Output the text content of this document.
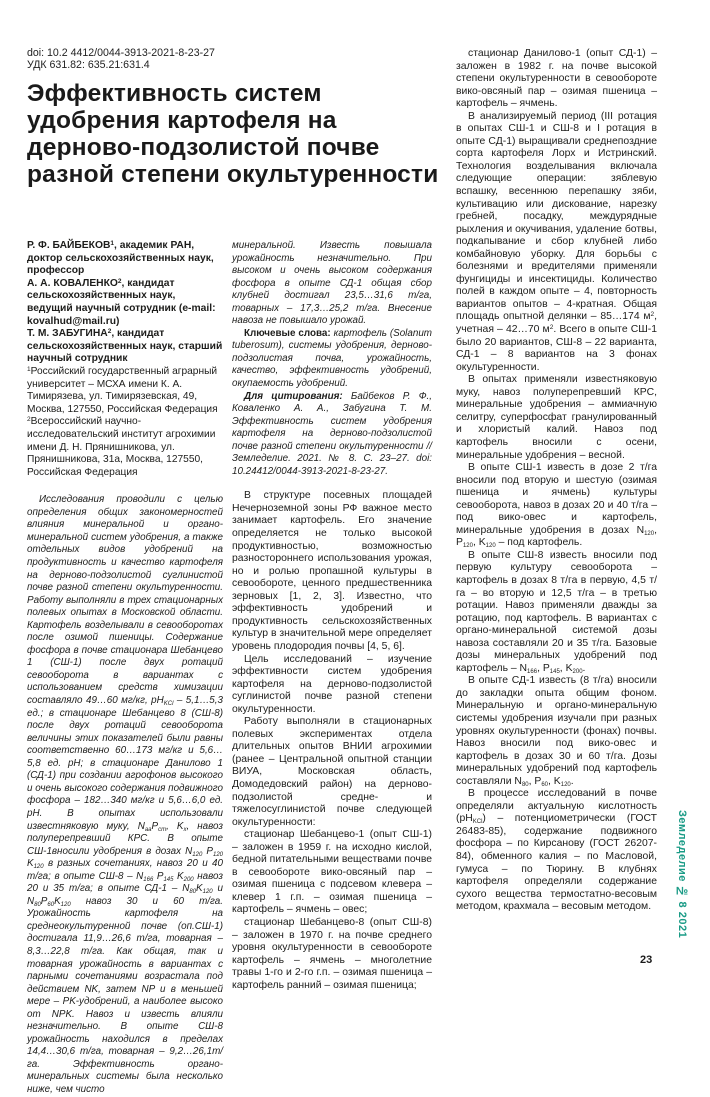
doi: 10.2 4412/0044-3913-2021-8-23-27
УДК 631.82: 635.21:631.4
Эффективность систем удобрения картофеля на дерново-подзолистой почве разной степени окультуренности

Р. Ф. БАЙБЕКОВ$^1$, академик РАН, доктор сельскохозяйственных наук, профессор

А. А. КОВАЛЕНКО$^2$, кандидат сельскохозяйственных наук, ведущий научный сотрудник (e-mail: kovalhud@mail.ru)

Т. М. ЗАБУГИНА$^2$, кандидат сельскохозяйственных наук, старший научный сотрудник

$^1$Российский государственный аграрный университет – МСХА имени К. А. Тимирязева, ул. Тимирязевская, 49, Москва, 127550, Российская Федерация

$^2$Всероссийский научно-исследовательский институт агрохимии имени Д. Н. Прянишникова, ул. Прянишникова, 31а, Москва, 127550, Российская Федерация

Исследования проводили с целью определения общих закономерностей влияния минеральной и органо-минеральной систем удобрения, а также отдельных видов удобрений на продуктивность и качество картофеля на дерново-подзолистой суглинистой почве разной степени окультуренности. Работу выполняли в трех стационарных полевых опытах в Московской области. Картофель возделывали в севооборотах после озимой пшеницы. Содержание фосфора в почве стационара Шебанцево 1 (СШ-1) после двух ротаций севооборота в вариантах с использованием средств химизации составляло 49…60 мг/кг, $pH_{KCl}$ – 5,1…5,3 ед.; в стационаре Шебанцево 8 (СШ-8) после двух ротаций севооборота величины этих показателей были равны соответственно 60…173 мг/кг и 5,6…5,8 ед. pH; в стационаре Данилово 1 (СД-1) при создании агрофонов высокого и очень высокого содержания подвижного фосфора – 182…340 мг/кг и 5,6…6,0 ед. pH. В опытах использовали известняковую муку, $N_{аа}P_{ст}$, $K_х$, навоз полуперепревший КРС. В опыте СШ-1вносили удобрения в дозах $N_{120}$ $P_{120}$ $K_{120}$ в разных сочетаниях, навоз 20 и 40 т/га; в опыте $СШ-8 - N_{166}$ $P_{145}$ $K_{200}$ навоз 20 и 35 т/га; в опыте $СД-1 - N_{80}K_{120}$ и $N_{80}P_{60}K_{120}$ навоз 30 и 60 т/га. Урожайность картофеля на среднеокультуренной почве (оп.СШ-1) достигала 11,9…26,6 т/га, товарная – 8,3…22,8 т/га. Как общая, так и товарная урожайность в вариантах с парными сочетаниями возрастала под действием NK, затем NP и в меньшей мере – PK-удобрений, а наиболее высоко от NPK. Навоз и известь влияли незначительно. В опыте СШ-8 урожайность находился в пределах 14,4…30,6 т/га, товарная – 9,2…26,1т/га. Эффективность органо-минеральных системы была несколько ниже, чем чисто

минеральной. Известь повышала урожайность незначительно. При высоком и очень высоком содержания фосфора в опыте СД-1 общая сбор клубней достигал 23,5…31,6 т/га, товарных – 17,3…25,2 т/га. Внесение навоза не повышало урожай.

Ключевые слова: картофель (Solanum tuberosum), системы удобрения, дерново-подзолистая почва, урожайность, качество, эффективность удобрений, окупаемость удобрений.

Для цитирования: Байбеков Р. Ф., Коваленко А. А., Забугина Т. М. Эффективность систем удобрения картофеля на дерново-подзолистой почве разной степени окультуренности // Земледелие. 2021. № 8. С. 23–27. doi: 10.24412/0044-3913-2021-8-23-27.

В структуре посевных площадей Нечерноземной зоны РФ важное место занимает картофель. Его значение определяется не только высокой продуктивностью, возможностью разностороннего использования урожая, но и ролью пропашной культуры в севообороте, ценного предшественника зерновых [1, 2, 3]. Известно, что эффективность удобрений и продуктивность сельскохозяйственных культур в значительной мере определяет уровень плодородия почвы [4, 5, 6].

Цель исследований – изучение эффективности систем удобрения картофеля на дерново-подзолистой суглинистой почве разной степени окультуренности.

Работу выполняли в стационарных полевых экспериментах отдела длительных опытов ВНИИ агрохимии (ранее – Центральной опытной станции ВИУА, Московская область, Домодедовский район) на дерново-подзолистой средне- и тяжелосуглинистой почве следующей окультуренности:

стационар Шебанцево-1 (опыт СШ-1) – заложен в 1959 г. на исходно кислой, бедной питательными веществами почве в севообороте вико-овсяный пар – озимая пшеница с подсевом клевера – клевер 1 г.п. – озимая пшеница – картофель – ячмень – овес;

стационар Шебанцево-8 (опыт СШ-8) – заложен в 1970 г. на почве среднего уровня окультуренности в севообороте картофель – ячмень – многолетние травы 1-го и 2-го г.п. – озимая пшеница – картофель ранний – озимая пшеница;

стационар Данилово-1 (опыт СД-1) – заложен в 1982 г. на почве высокой степени окультуренности в севообороте вико-овсяный пар – озимая пшеница – картофель – ячмень.

В анализируемый период (III ротация в опытах СШ-1 и СШ-8 и I ротация в опыте СД-1) выращивали среднепоздние сорта картофеля Лорх и Истринский. Технология возделывания включала следующие операции: зяблевую вспашку, весеннюю перепашку зяби, культивацию или дискование, нарезку гребней, посадку, междурядные рыхления и окучивания, удаление ботвы, подкапывание и сбор клубней либо комбайновую уборку. Для борьбы с болезнями и вредителями применяли фунгициды и инсектициды. Количество полей в каждом опыте – 4, повторность вариантов опытов – 4-кратная. Общая площадь опытной делянки – 85…174 $м^2$, учетная – 42…70 $м^2$. Всего в опыте СШ-1 было 20 вариантов, СШ-8 – 22 варианта, СД-1 – 8 вариантов на 3 фонах окультуренности.

В опытах применяли известняковую муку, навоз полуперепревший КРС, минеральные удобрения – аммиачную селитру, суперфосфат гранулированный и хлористый калий. Навоз под картофель вносили с осени, минеральные удобрения – весной.

В опыте СШ-1 известь в дозе 2 т/га вносили под вторую и шестую (озимая пшеница и ячмень) культуры севооборота, навоз в дозах 20 и 40 т/га – под вико-овес и картофель, минеральные удобрения в дозах $N_{120}$, $P_{120}$, $K_{120}$ – под картофель.

В опыте СШ-8 известь вносили под первую культуру севооборота – картофель в дозах 8 т/га в первую, 4,5 т/га – во вторую и 12,5 т/га – в третью ротации. Навоз применяли дважды за ротацию, под картофель. В вариантах с органо-минеральной системой дозы навоза составляли 20 и 35 т/га. Базовые дозы минеральных удобрений под картофель – $N_{166}$, $P_{145}$, $K_{200}$.

В опыте СД-1 известь (8 т/га) вносили до закладки опыта общим фоном. Минеральную и органо-минеральную системы удобрения изучали при разных уровнях окультуренности (фонах) почвы. Навоз вносили под вико-овес и картофель в дозах 30 и 60 т/га. Дозы минеральных удобрений под картофель составляли $N_{80}$, $P_{60}$, $K_{120}$.

В процессе исследований в почве определяли актуальную кислотность $(pH_{KCl})$ – потенциометрически (ГОСТ 26483-85), содержание подвижного фосфора – по Кирсанову (ГОСТ 26207-84), обменного калия – по Масловой, гумуса – по Тюрину. В клубнях картофеля определяли содержание сухого вещества термостатно-весовым методом, крахмала – весовым методом.	Земледелие № 8 2021
23
